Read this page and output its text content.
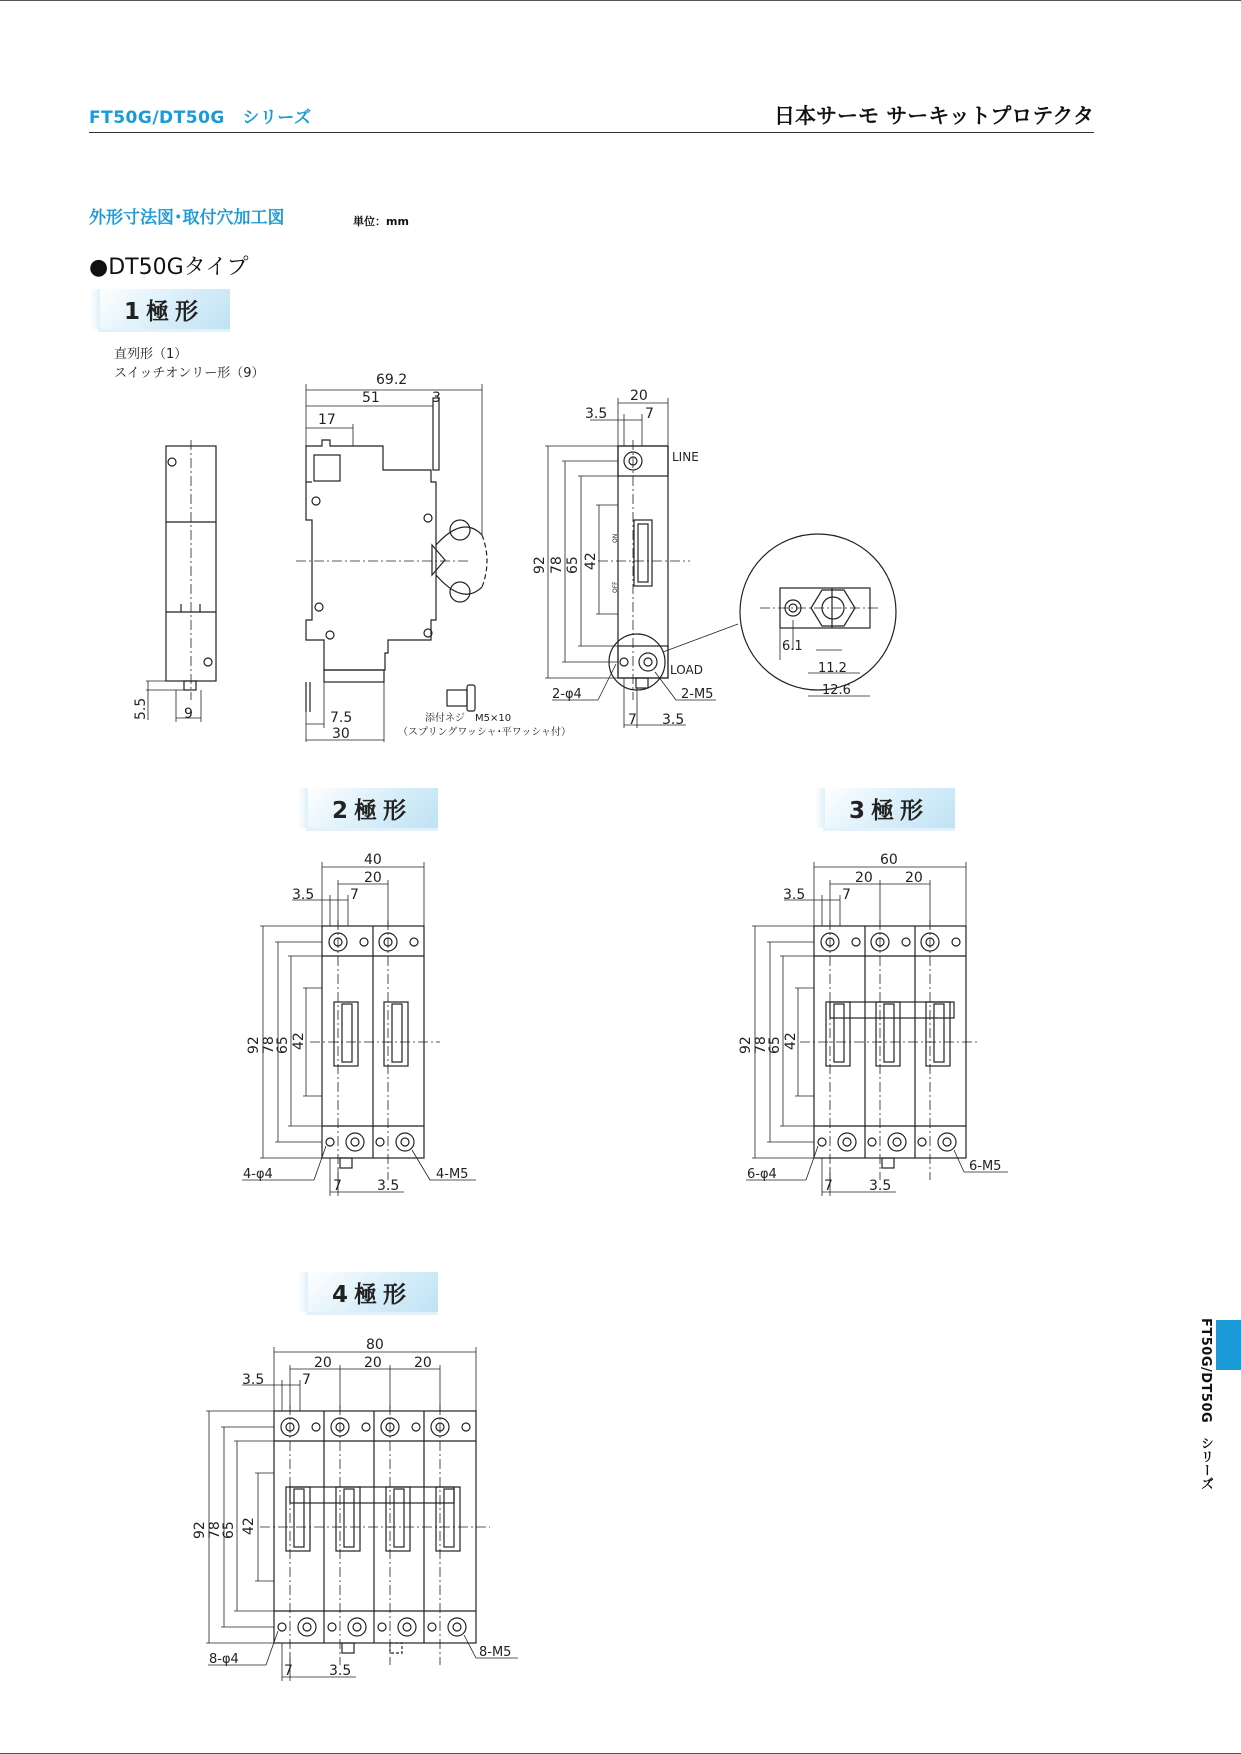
FT50G/DT50G　シリーズ	日本サーモ サーキットプロテクタ
外形寸法図･取付穴加工図	単位：mm
●DT50Gタイプ
1極形
直列形（1）
スイッチオンリー形（9）
2極形	3極形
4極形
69.2
51	3
17
5.5	9	7.5
30
添付ネジ　M5×10
（スプリングワッシャ･平ワッシャ付）
20
3.5	7
LINE
LOAD
92 78 65 42
ON
OFF
2-φ4	2-M5
7 3.5
6.1
11.2
12.6
40
20
3.5	7
92 78
65 42
4-φ4	4-M5
7	3.5
60
20 20
3.5	7
92 78
65 42
6-φ4
6-M5
7	3.5
80
20 20 20
3.5	7
92 78
65 42
8-φ4	8-M5
7	3.5
FT50G/DT50G　シリーズ
